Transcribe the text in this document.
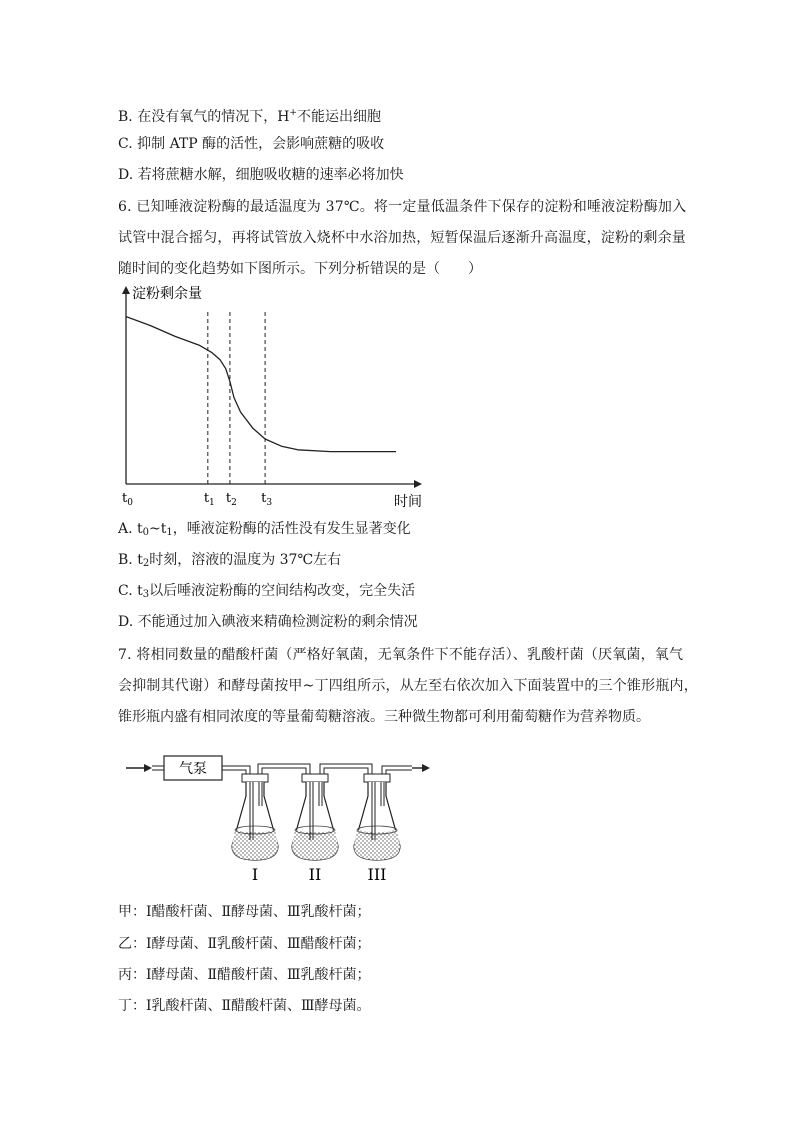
B. 在没有氧气的情况下，H+不能运出细胞
C. 抑制 ATP 酶的活性，会影响蔗糖的吸收
D. 若将蔗糖水解，细胞吸收糖的速率必将加快
6. 已知唾液淀粉酶的最适温度为 37℃。将一定量低温条件下保存的淀粉和唾液淀粉酶加入
试管中混合摇匀，再将试管放入烧杯中水浴加热，短暂保温后逐渐升高温度，淀粉的剩余量
随时间的变化趋势如下图所示。下列分析错误的是（　　）
淀粉剩余量
时间
$t_0$	$t_1$ $t_2$ $t_3$
A. $t_0\sim t_1$，唾液淀粉酶的活性没有发生显著变化
B. $t_2$时刻，溶液的温度为 37℃左右
C. $t_3$以后唾液淀粉酶的空间结构改变，完全失活
D. 不能通过加入碘液来精确检测淀粉的剩余情况
7. 将相同数量的醋酸杆菌（严格好氧菌，无氧条件下不能存活）、乳酸杆菌（厌氧菌，氧气
会抑制其代谢）和酵母菌按甲~丁四组所示，从左至右依次加入下面装置中的三个锥形瓶内，
锥形瓶内盛有相同浓度的等量葡萄糖溶液。三种微生物都可利用葡萄糖作为营养物质。
气泵
I	II	III
甲：Ⅰ醋酸杆菌、Ⅱ酵母菌、Ⅲ乳酸杆菌；
乙：Ⅰ酵母菌、Ⅱ乳酸杆菌、Ⅲ醋酸杆菌；
丙：Ⅰ酵母菌、Ⅱ醋酸杆菌、Ⅲ乳酸杆菌；
丁：Ⅰ乳酸杆菌、Ⅱ醋酸杆菌、Ⅲ酵母菌。
